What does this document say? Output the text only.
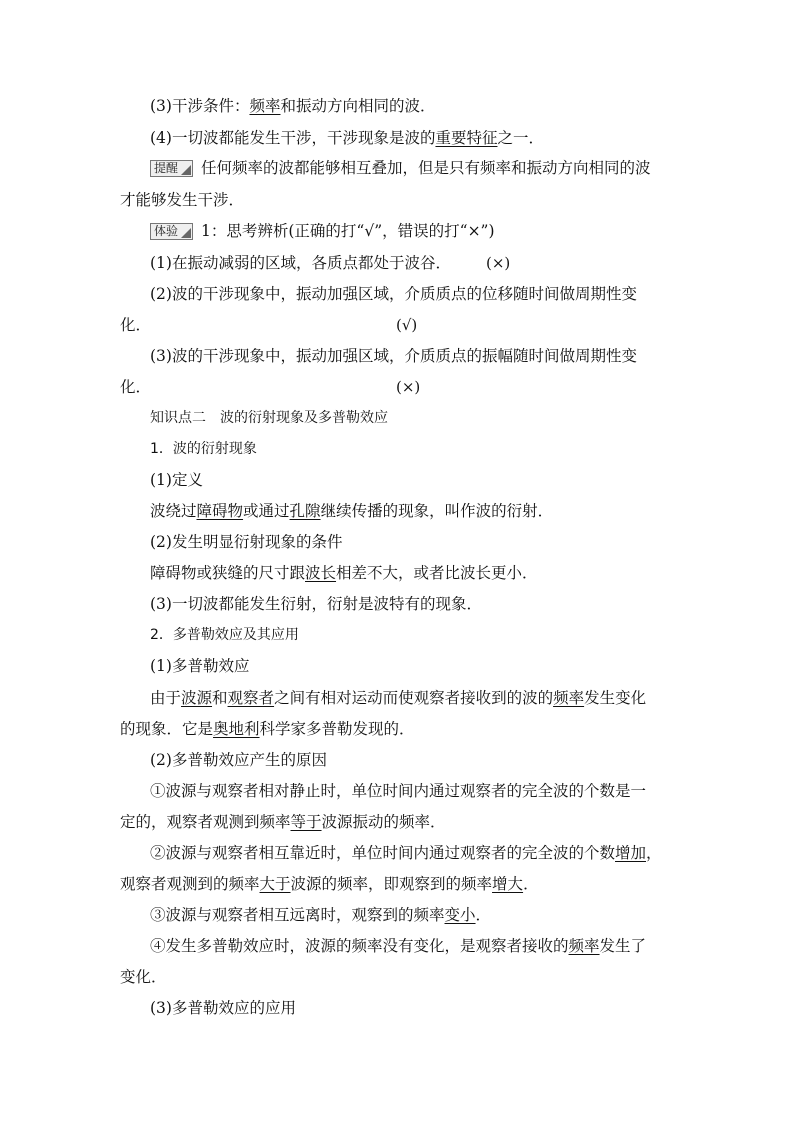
(3)干涉条件：频率和振动方向相同的波．
(4)一切波都能发生干涉，干涉现象是波的重要特征之一．
提醒 任何频率的波都能够相互叠加，但是只有频率和振动方向相同的波
才能够发生干涉．
体验 1：思考辨析(正确的打“√”，错误的打“×”)
(1)在振动减弱的区域，各质点都处于波谷． (×)
(2)波的干涉现象中，振动加强区域，介质质点的位移随时间做周期性变
化．	(√)
(3)波的干涉现象中，振动加强区域，介质质点的振幅随时间做周期性变
化．	(×)
知识点二　波的衍射现象及多普勒效应
1．波的衍射现象
(1)定义
波绕过障碍物或通过孔隙继续传播的现象，叫作波的衍射．
(2)发生明显衍射现象的条件
障碍物或狭缝的尺寸跟波长相差不大，或者比波长更小．
(3)一切波都能发生衍射，衍射是波特有的现象．
2．多普勒效应及其应用
(1)多普勒效应
由于波源和观察者之间有相对运动而使观察者接收到的波的频率发生变化
的现象．它是奥地利科学家多普勒发现的．
(2)多普勒效应产生的原因
①波源与观察者相对静止时，单位时间内通过观察者的完全波的个数是一
定的，观察者观测到频率等于波源振动的频率．
②波源与观察者相互靠近时，单位时间内通过观察者的完全波的个数增加，
观察者观测到的频率大于波源的频率，即观察到的频率增大．
③波源与观察者相互远离时，观察到的频率变小．
④发生多普勒效应时，波源的频率没有变化，是观察者接收的频率发生了
变化．
(3)多普勒效应的应用
